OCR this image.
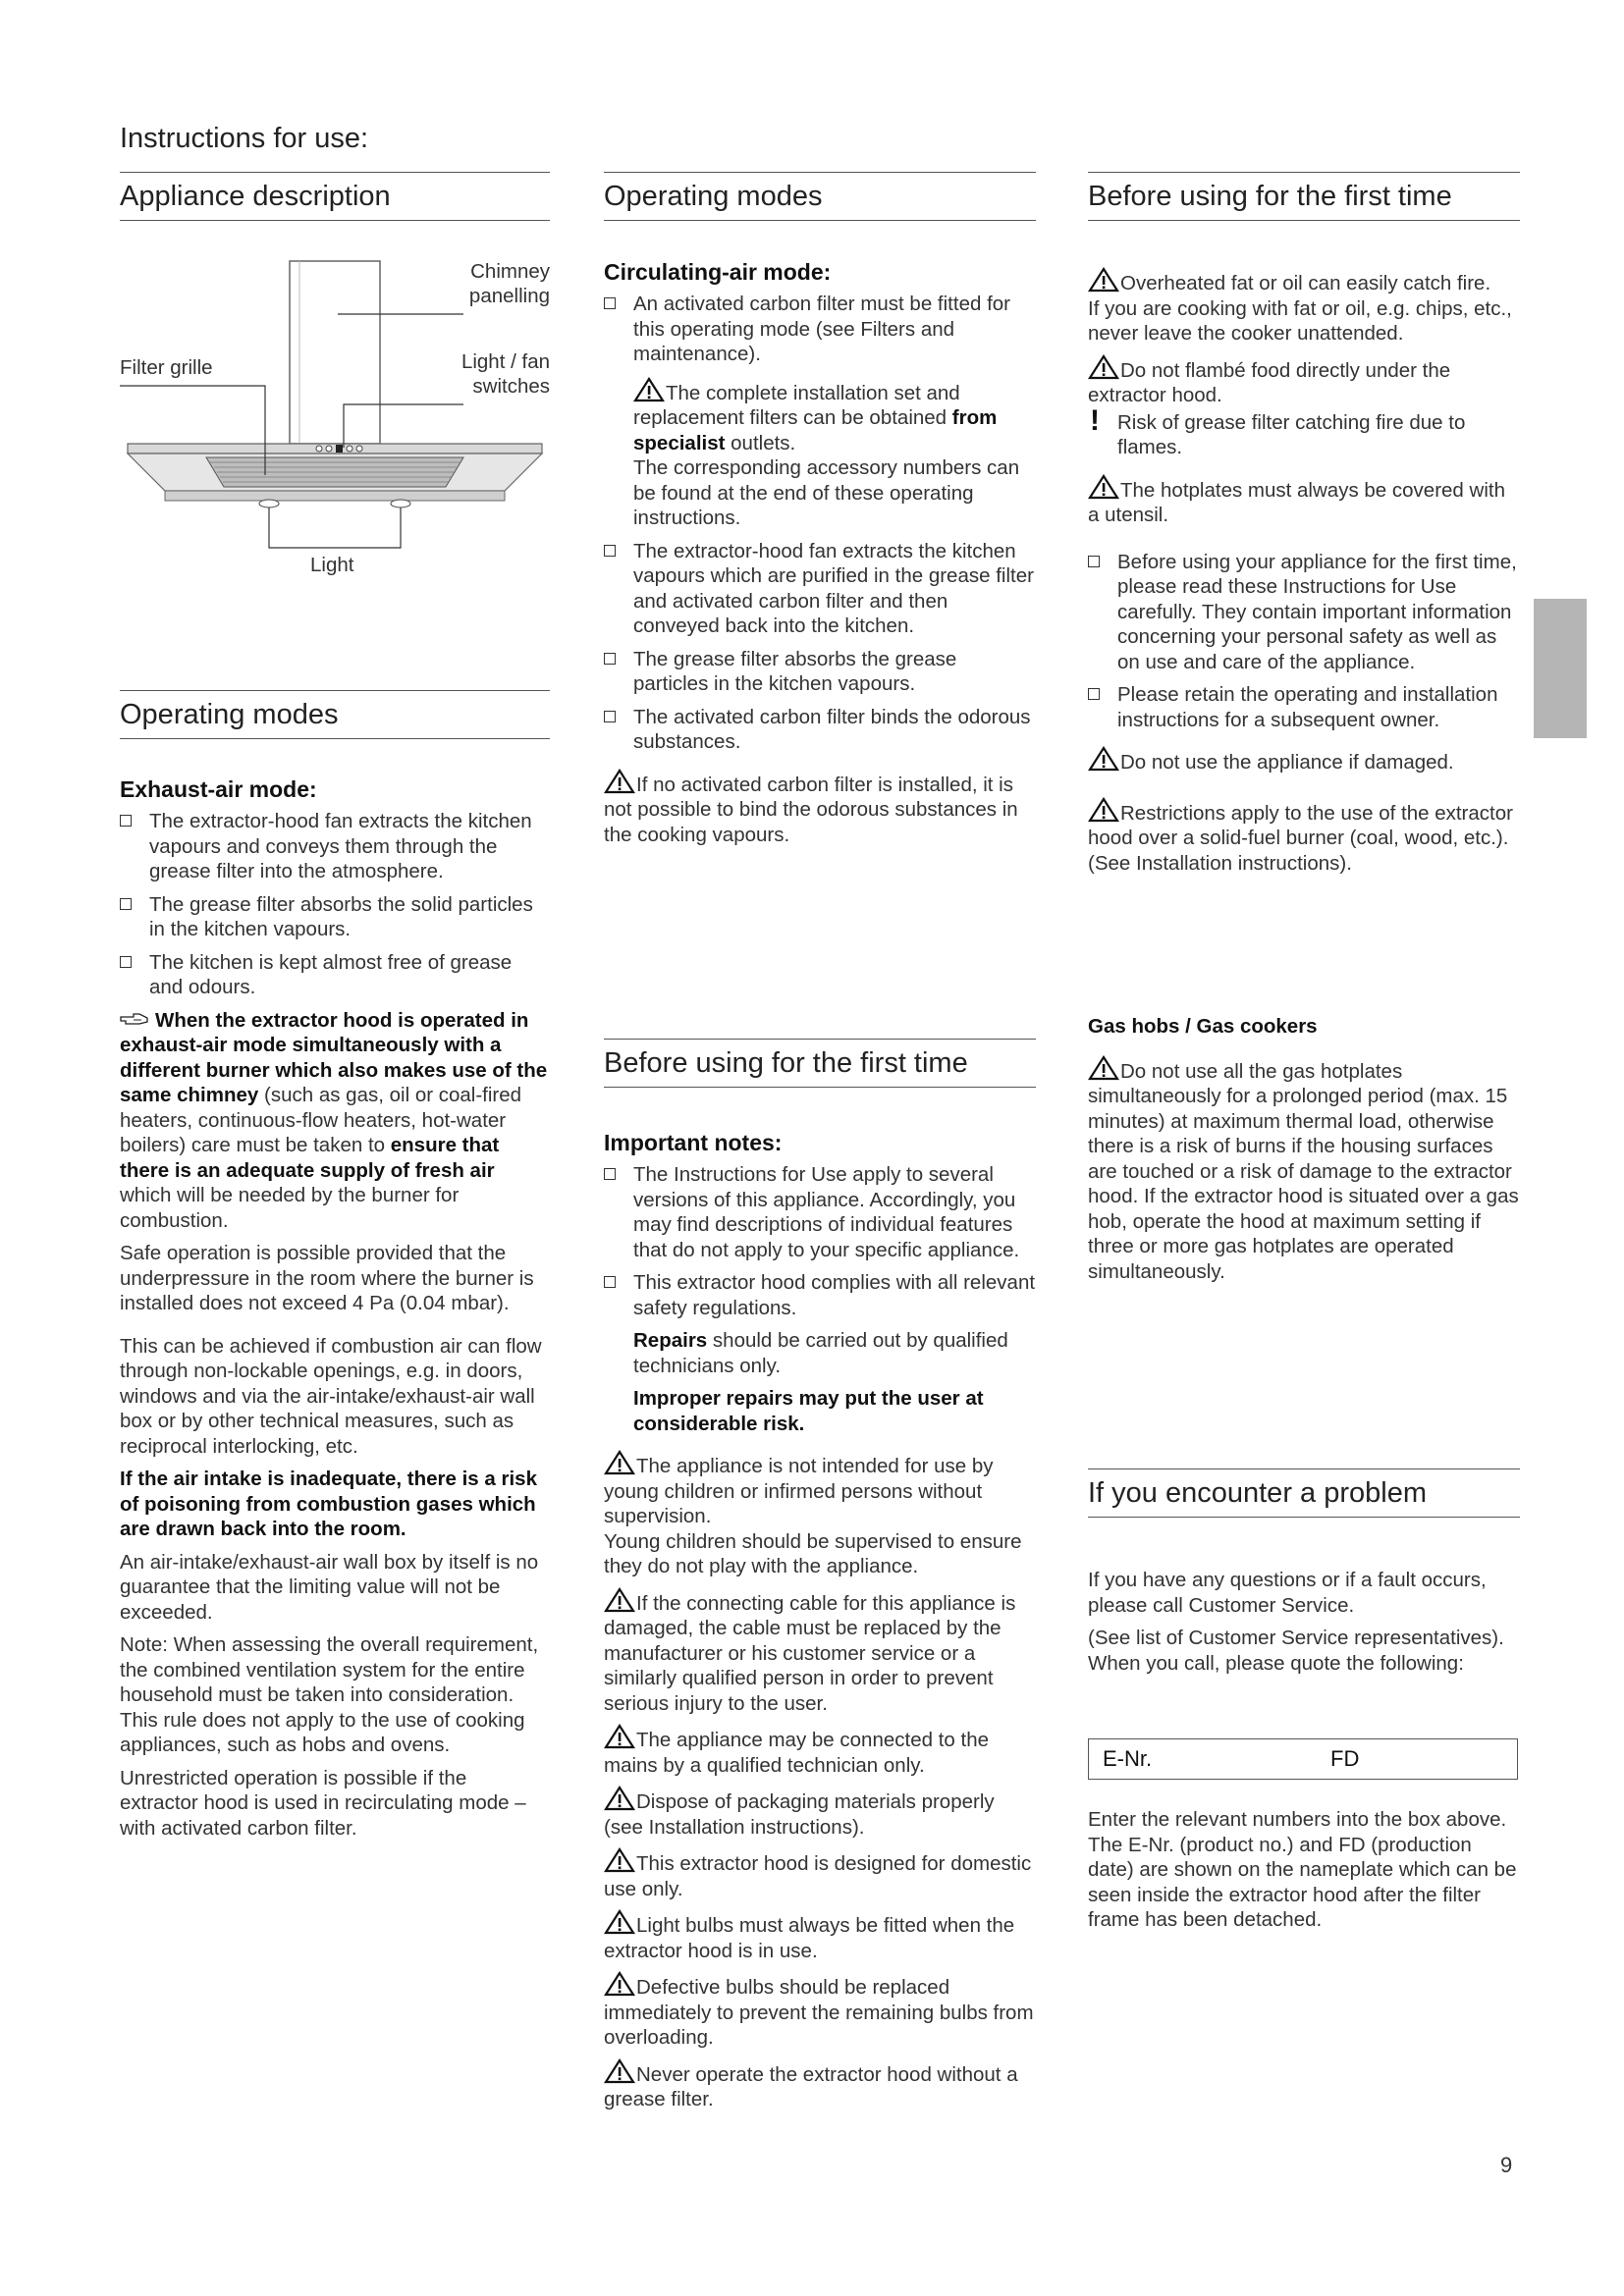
Instructions for use:
Appliance description
Chimney
panelling
Filter grille	Light / fan
switches
Light
Operating modes
Exhaust-air mode:
The extractor-hood fan extracts the kitchen vapours and conveys them through the grease filter into the atmosphere.
The grease filter absorbs the solid particles in the kitchen vapours.
The kitchen is kept almost free of grease and odours.

When the extractor hood is operated in exhaust-air mode simultaneously with a different burner which also makes use of the same chimney (such as gas, oil or coal-fired heaters, continuous-flow heaters, hot-water boilers) care must be taken to ensure that there is an adequate supply of fresh air which will be needed by the burner for combustion.

Safe operation is possible provided that the underpressure in the room where the burner is installed does not exceed 4 Pa (0.04 mbar).

This can be achieved if combustion air can flow through non-lockable openings, e.g. in doors, windows and via the air-intake/exhaust-air wall box or by other technical measures, such as reciprocal interlocking, etc.

If the air intake is inadequate, there is a risk of poisoning from combustion gases which are drawn back into the room.

An air-intake/exhaust-air wall box by itself is no guarantee that the limiting value will not be exceeded.

Note: When assessing the overall requirement, the combined ventilation system for the entire household must be taken into consideration. This rule does not apply to the use of cooking appliances, such as hobs and ovens.

Unrestricted operation is possible if the extractor hood is used in recirculating mode – with activated carbon filter.

Operating modes
Circulating-air mode:
An activated carbon filter must be fitted for this operating mode (see Filters and maintenance).

The complete installation set and replacement filters can be obtained from specialist outlets.
The corresponding accessory numbers can be found at the end of these operating instructions.

The extractor-hood fan extracts the kitchen vapours which are purified in the grease filter and activated carbon filter and then conveyed back into the kitchen.
The grease filter absorbs the grease particles in the kitchen vapours.
The activated carbon filter binds the odorous substances.

If no activated carbon filter is installed, it is not possible to bind the odorous substances in the cooking vapours.

Before using for the first time
Important notes:
The Instructions for Use apply to several versions of this appliance. Accordingly, you may find descriptions of individual features that do not apply to your specific appliance.
This extractor hood complies with all relevant safety regulations.

Repairs should be carried out by qualified technicians only.

Improper repairs may put the user at considerable risk.

The appliance is not intended for use by young children or infirmed persons without supervision.

Young children should be supervised to ensure they do not play with the appliance.

If the connecting cable for this appliance is damaged, the cable must be replaced by the manufacturer or his customer service or a similarly qualified person in order to prevent serious injury to the user.

The appliance may be connected to the mains by a qualified technician only.

Dispose of packaging materials properly (see Installation instructions).

This extractor hood is designed for domestic use only.

Light bulbs must always be fitted when the extractor hood is in use.

Defective bulbs should be replaced immediately to prevent the remaining bulbs from overloading.

Never operate the extractor hood without a grease filter.

Before using for the first time

Overheated fat or oil can easily catch fire.

If you are cooking with fat or oil, e.g. chips, etc., never leave the cooker unattended.

Do not flambé food directly under the extractor hood.

! Risk of grease filter catching fire due to flames.

The hotplates must always be covered with a utensil.

Before using your appliance for the first time, please read these Instructions for Use carefully. They contain important information concerning your personal safety as well as on use and care of the appliance.
Please retain the operating and installation instructions for a subsequent owner.

Do not use the appliance if damaged.

Restrictions apply to the use of the extractor hood over a solid-fuel burner (coal, wood, etc.). (See Installation instructions).

Gas hobs / Gas cookers

Do not use all the gas hotplates simultaneously for a prolonged period (max. 15 minutes) at maximum thermal load, otherwise there is a risk of burns if the housing surfaces are touched or a risk of damage to the extractor hood. If the extractor hood is situated over a gas hob, operate the hood at maximum setting if three or more gas hotplates are operated simultaneously.

If you encounter a problem

If you have any questions or if a fault occurs, please call Customer Service.

(See list of Customer Service representatives).

When you call, please quote the following:

E-Nr.	FD

Enter the relevant numbers into the box above. The E-Nr. (product no.) and FD (production date) are shown on the nameplate which can be seen inside the extractor hood after the filter frame has been detached.

9
